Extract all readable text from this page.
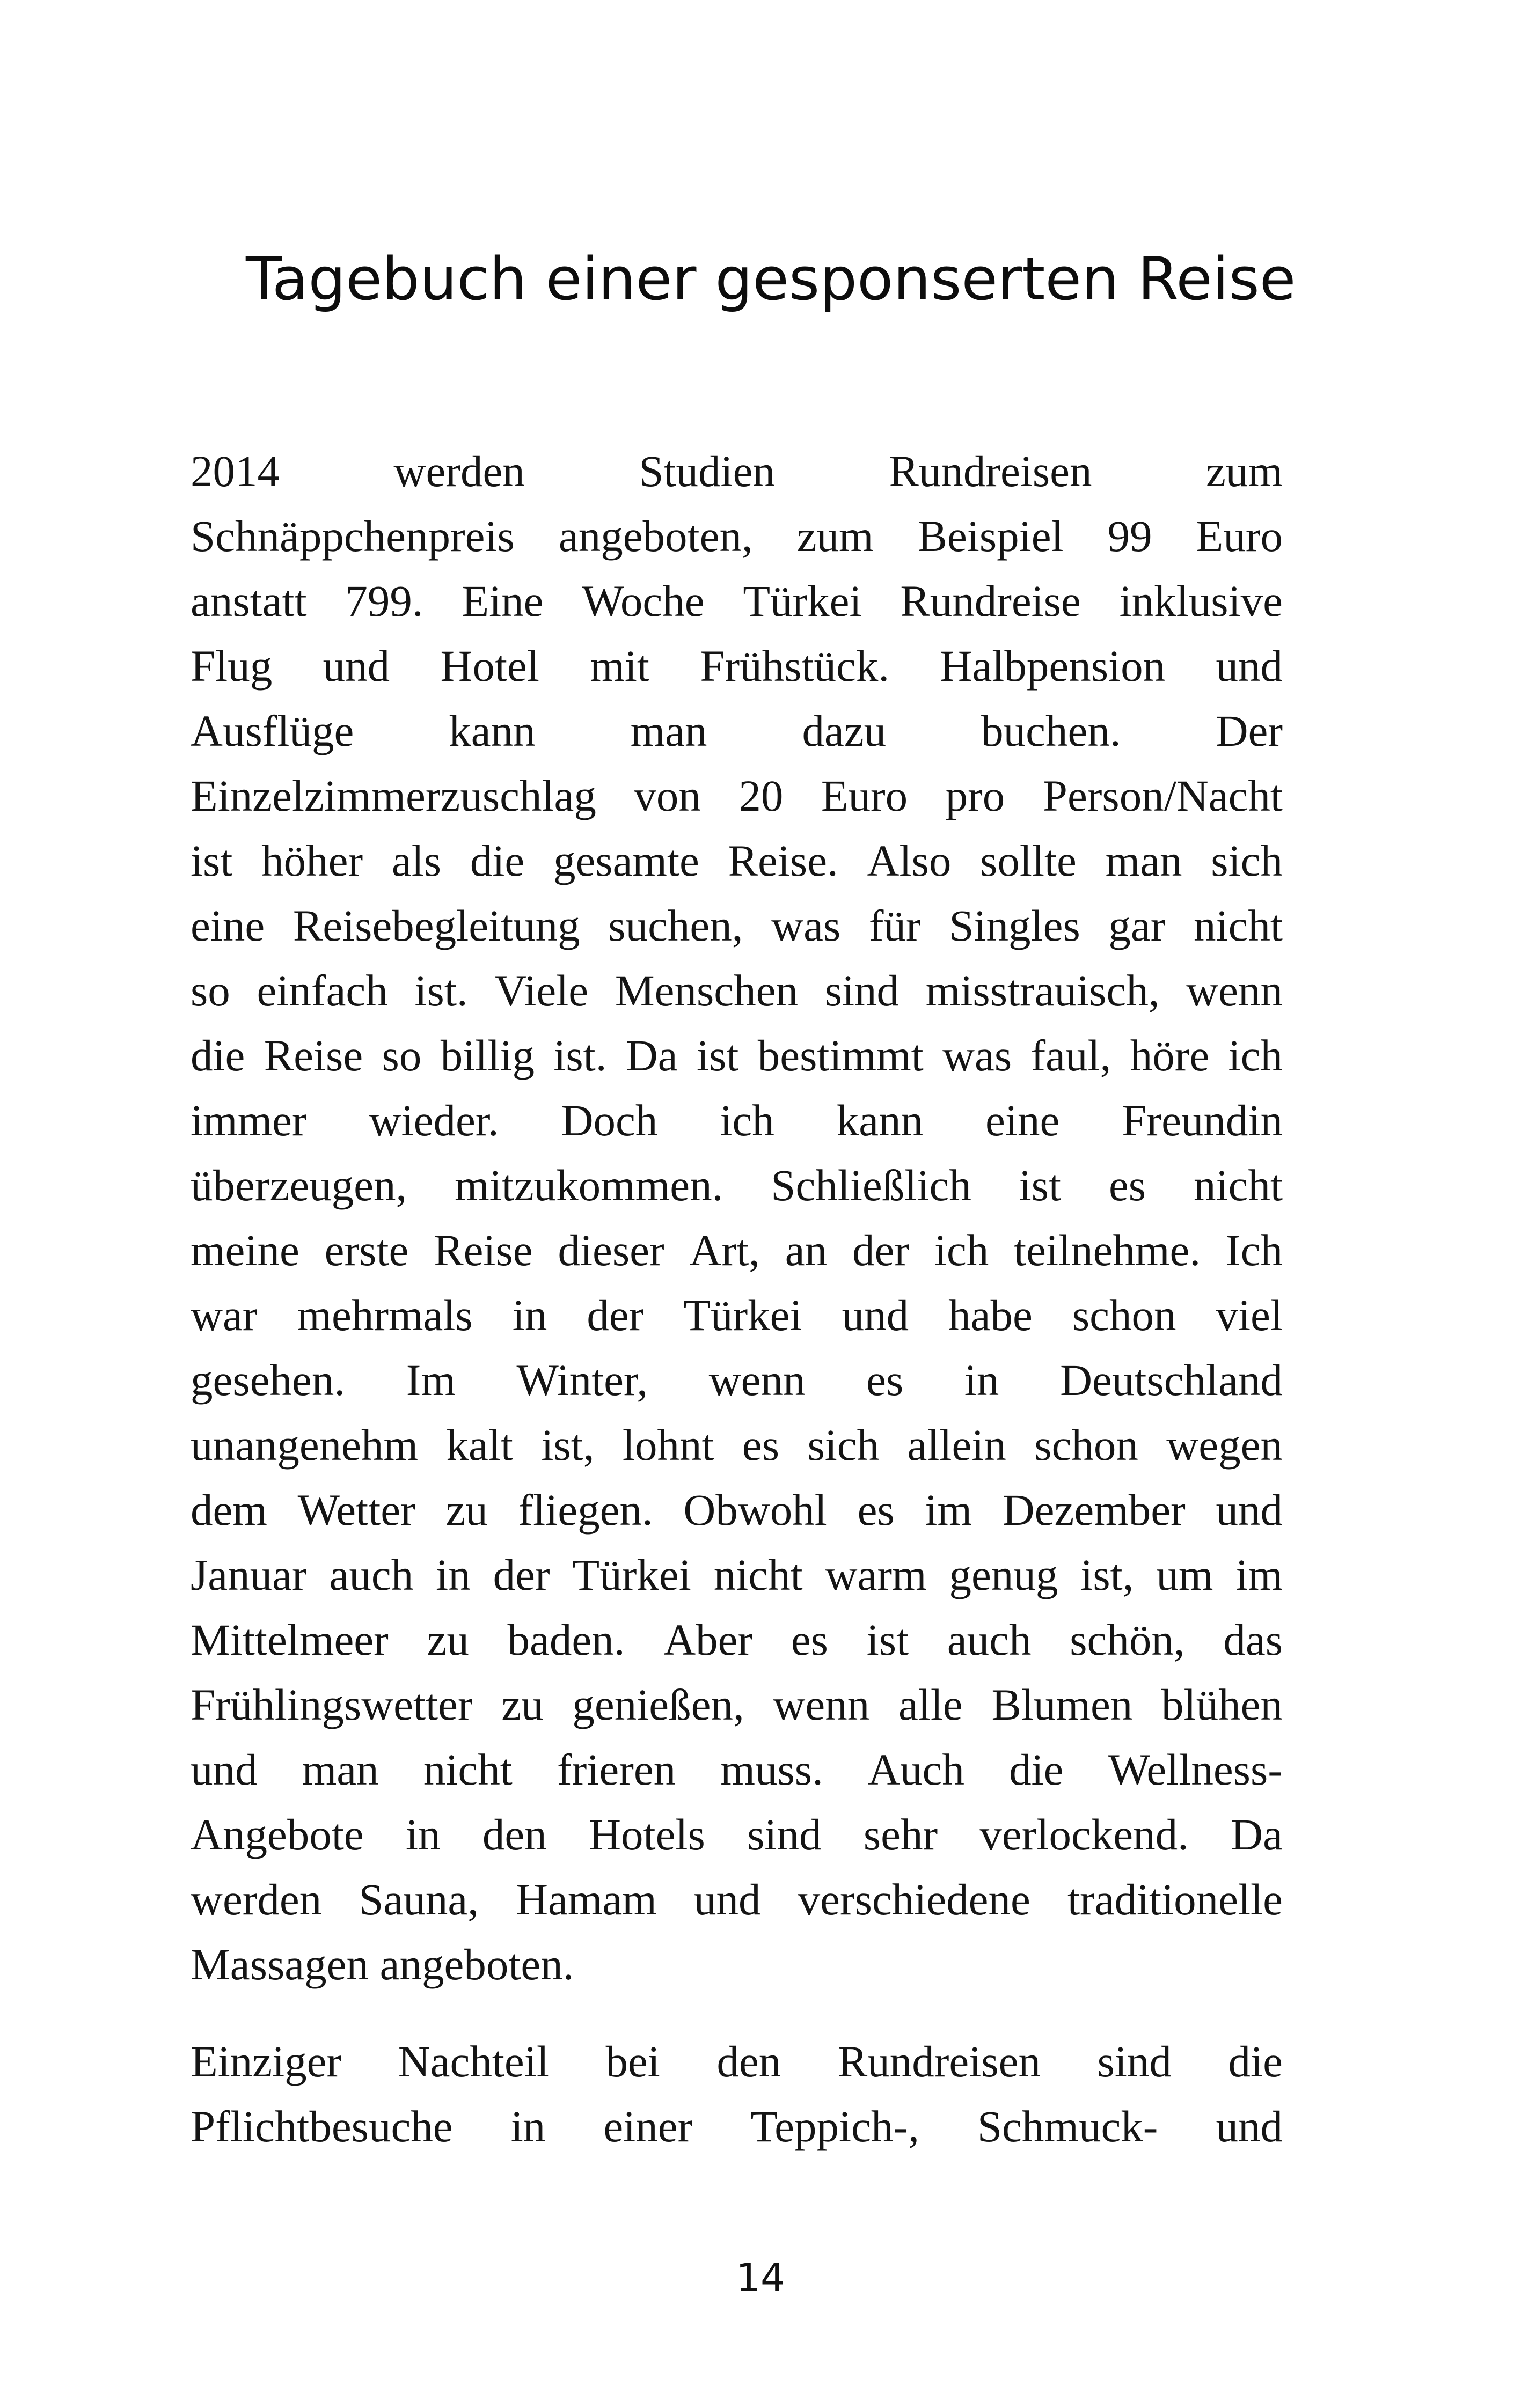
Tagebuch einer gesponserten Reise
2014	werden	Studien	Rundreisen	zum
Schnäppchenpreis angeboten, zum Beispiel 99 Euro
anstatt 799. Eine Woche Türkei Rundreise inklusive
Flug und Hotel mit Frühstück. Halbpension und
Ausflüge kann man dazu buchen. Der
Einzelzimmerzuschlag von 20 Euro pro Person/Nacht
ist höher als die gesamte Reise. Also sollte man sich
eine Reisebegleitung suchen, was für Singles gar nicht
so einfach ist. Viele Menschen sind misstrauisch, wenn
die Reise so billig ist. Da ist bestimmt was faul, höre ich
immer wieder. Doch ich kann eine Freundin
überzeugen, mitzukommen. Schließlich ist es nicht
meine erste Reise dieser Art, an der ich teilnehme. Ich
war mehrmals in der Türkei und habe schon viel
gesehen. Im Winter, wenn es in Deutschland
unangenehm kalt ist, lohnt es sich allein schon wegen
dem Wetter zu fliegen. Obwohl es im Dezember und
Januar auch in der Türkei nicht warm genug ist, um im
Mittelmeer zu baden. Aber es ist auch schön, das
Frühlingswetter zu genießen, wenn alle Blumen blühen
und man nicht frieren muss. Auch die Wellness-
Angebote in den Hotels sind sehr verlockend. Da
werden Sauna, Hamam und verschiedene traditionelle
Massagen angeboten.
Einziger Nachteil bei den Rundreisen sind die
Pflichtbesuche in einer Teppich-, Schmuck- und
14
